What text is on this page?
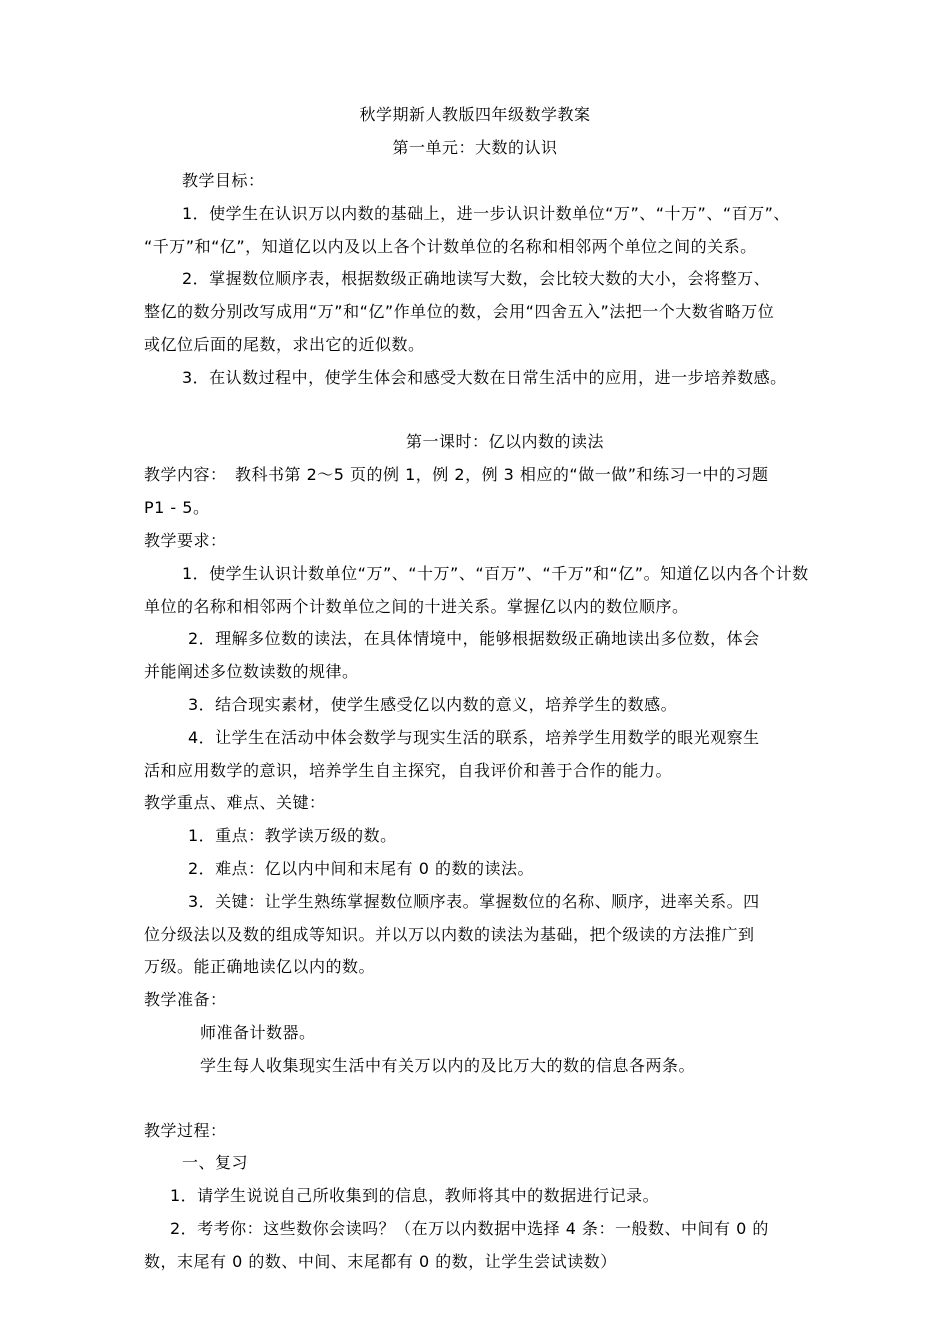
秋学期新人教版四年级数学教案
第一单元：大数的认识
教学目标：
1．使学生在认识万以内数的基础上，进一步认识计数单位“万”、“十万”、“百万”、
“千万”和“亿”，知道亿以内及以上各个计数单位的名称和相邻两个单位之间的关系。
2．掌握数位顺序表，根据数级正确地读写大数，会比较大数的大小，会将整万、
整亿的数分别改写成用“万”和“亿”作单位的数，会用“四舍五入”法把一个大数省略万位
或亿位后面的尾数，求出它的近似数。
3．在认数过程中，使学生体会和感受大数在日常生活中的应用，进一步培养数感。
第一课时：亿以内数的读法
教学内容：　教科书第 2～5 页的例 1，例 2，例 3 相应的“做一做”和练习一中的习题
P1 - 5。
教学要求：
1．使学生认识计数单位“万”、“十万”、“百万”、“千万”和“亿”。知道亿以内各个计数
单位的名称和相邻两个计数单位之间的十进关系。掌握亿以内的数位顺序。
2．理解多位数的读法，在具体情境中，能够根据数级正确地读出多位数，体会
并能阐述多位数读数的规律。
3．结合现实素材，使学生感受亿以内数的意义，培养学生的数感。
4．让学生在活动中体会数学与现实生活的联系，培养学生用数学的眼光观察生
活和应用数学的意识，培养学生自主探究，自我评价和善于合作的能力。
教学重点、难点、关键：
1．重点：教学读万级的数。
2．难点：亿以内中间和末尾有 0 的数的读法。
3．关键：让学生熟练掌握数位顺序表。掌握数位的名称、顺序，进率关系。四
位分级法以及数的组成等知识。并以万以内数的读法为基础，把个级读的方法推广到
万级。能正确地读亿以内的数。
教学准备：
师准备计数器。
学生每人收集现实生活中有关万以内的及比万大的数的信息各两条。
教学过程：
一、复习
1．请学生说说自己所收集到的信息，教师将其中的数据进行记录。
2．考考你：这些数你会读吗？（在万以内数据中选择 4 条：一般数、中间有 0 的
数，末尾有 0 的数、中间、末尾都有 0 的数，让学生尝试读数）
